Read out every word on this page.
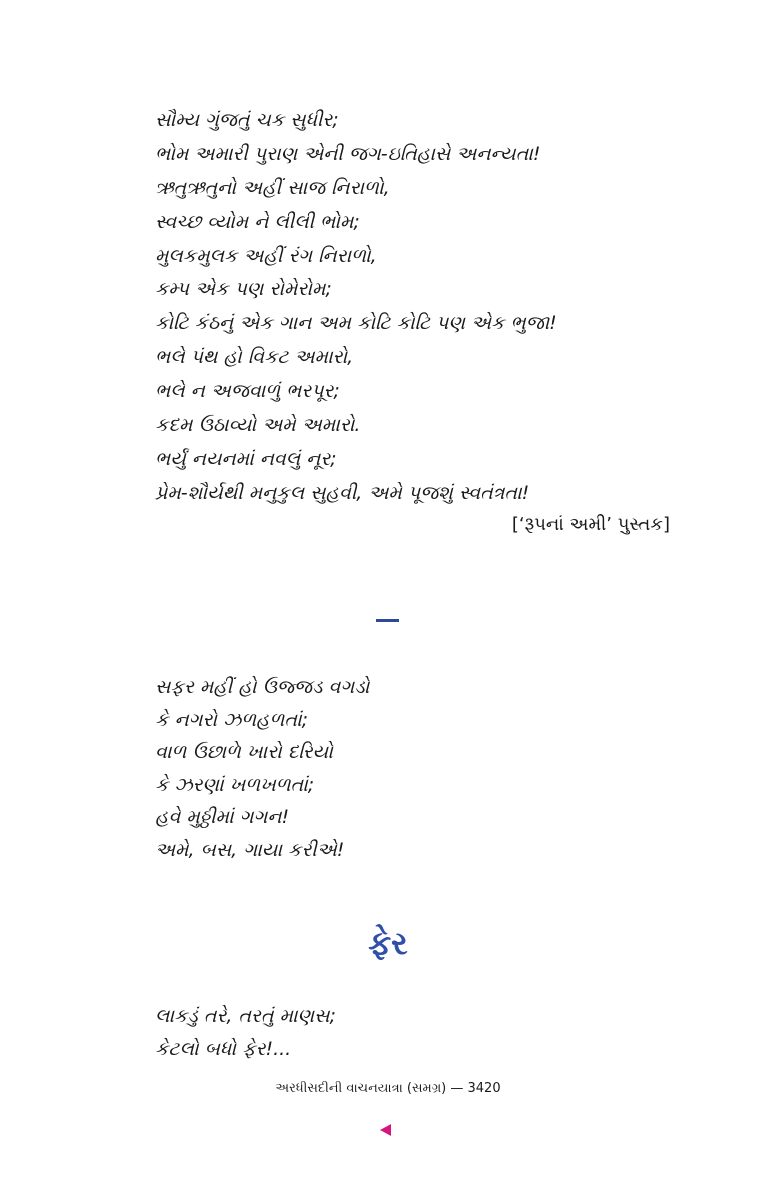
સૌમ્ય ગુંજતું ચક સુધીર;
ભોમ અમારી પુરાણ એની જગ-ઇતિહાસે અનન્યતા!
ઋતુઋતુનો અહીં સાજ નિરાળો,
સ્વચ્છ વ્યોમ ને લીલી ભોમ;
મુલકમુલક અહીં રંગ નિરાળો,
કમ્પ એક પણ રોમેરોમ;
કોટિ કંઠનું એક ગાન અમ કોટિ કોટિ પણ એક ભુજા!
ભલે પંથ હો વિકટ અમારો,
ભલે ન અજવાળું ભરપૂર;
કદમ ઉઠાવ્યો અમે અમારો.
ભર્યું નયનમાં નવલું નૂર;
પ્રેમ-શૌર્યથી મનુકુલ સુહવી, અમે પૂજશું સ્વતંત્રતા!
[‘રૂપનાં અમી’ પુસ્તક]
સફર મહીં હો ઉજ્જડ વગડો
કે નગરો ઝળહળતાં;
વાળ ઉછાળે ખારો દરિયો
કે ઝરણાં ખળખળતાં;
હવે મુઠ્ઠીમાં ગગન!
અમે, બસ, ગાયા કરીએ!
ફેર
લાકડું તરે, તરતું માણસ;
કેટલો બધો ફેર!...
અરધીસદીની વાચનયાત્રા (સમગ્ર) — 3420
